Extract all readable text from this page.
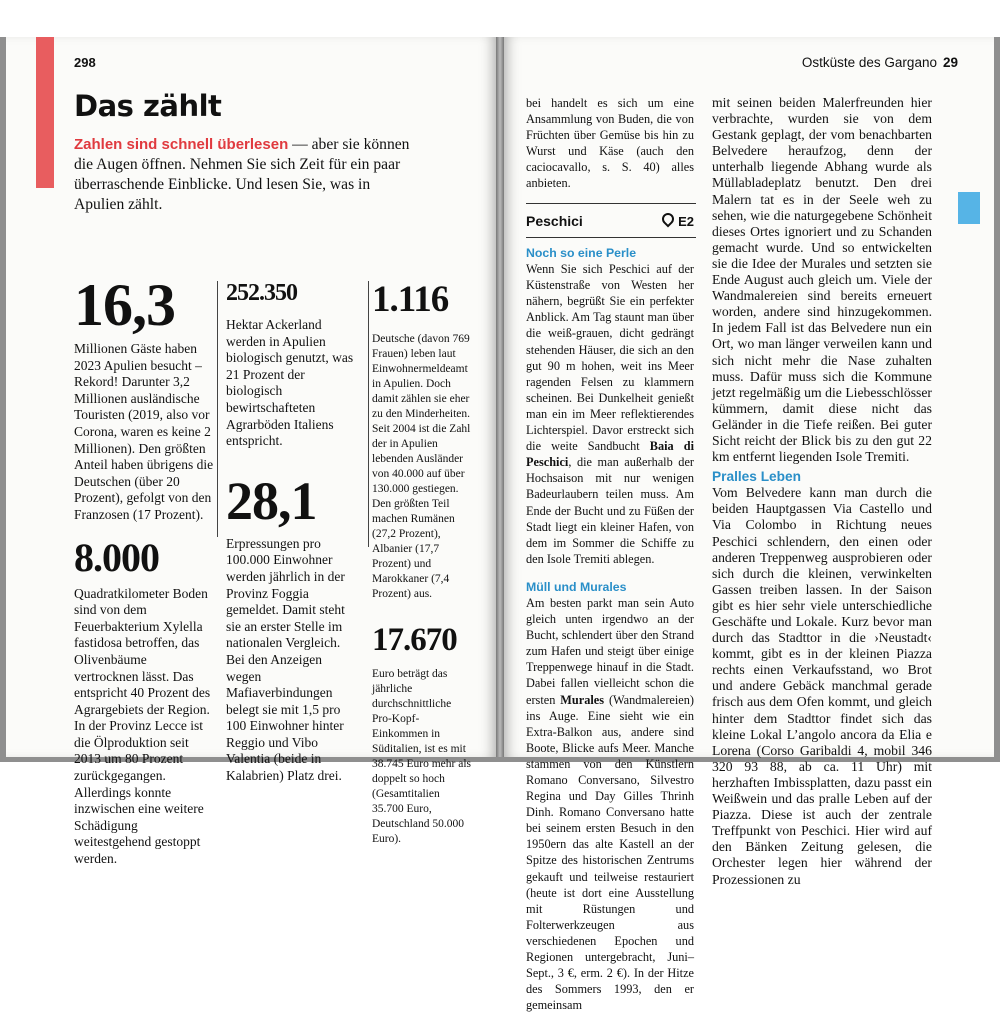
298
Das zählt
Zahlen sind schnell überlesen — aber sie können die Augen öffnen. Nehmen Sie sich Zeit für ein paar überraschende Einblicke. Und lesen Sie, was in Apulien zählt.
16,3
Millionen Gäste haben 2023 Apulien besucht – Rekord! Darunter 3,2 Millionen ausländische Touristen (2019, also vor Corona, waren es keine 2 Millionen). Den größten Anteil haben übrigens die Deutschen (über 20 Prozent), gefolgt von den Franzosen (17 Prozent).
8.000
Quadratkilometer Boden sind von dem Feuerbakterium Xylella fastidosa betroffen, das Olivenbäume vertrocknen lässt. Das entspricht 40 Prozent des Agrargebiets der Region. In der Provinz Lecce ist die Ölproduktion seit 2013 um 80 Prozent zurückgegangen. Allerdings konnte inzwischen eine weitere Schädigung weitestgehend gestoppt werden.
252.350
Hektar Ackerland werden in Apulien biologisch genutzt, was 21 Prozent der biologisch bewirtschafteten Agrarböden Italiens entspricht.
28,1
Erpressungen pro 100.000 Einwohner werden jährlich in der Provinz Foggia gemeldet. Damit steht sie an erster Stelle im nationalen Vergleich. Bei den Anzeigen wegen Mafiaverbindungen belegt sie mit 1,5 pro 100 Einwohner hinter Reggio und Vibo Valentia (beide in Kalabrien) Platz drei.
1.116
Deutsche (davon 769 Frauen) leben laut Einwohnermeldeamt in Apulien. Doch damit zählen sie eher zu den Minderheiten. Seit 2004 ist die Zahl der in Apulien lebenden Ausländer von 40.000 auf über 130.000 gestiegen. Den größten Teil machen Rumänen (27,2 Prozent), Albanier (17,7 Prozent) und Marokkaner (7,4 Prozent) aus.
17.670
Euro beträgt das jährliche durchschnittliche Pro-Kopf-Einkommen in Süditalien, ist es mit 38.745 Euro mehr als doppelt so hoch (Gesamtitalien 35.700 Euro, Deutschland 50.000 Euro).
Ostküste des Gargano 29
bei handelt es sich um eine Ansammlung von Buden, die von Früchten über Gemüse bis hin zu Wurst und Käse (auch den caciocavallo, s. S. 40) alles anbieten.
Peschici	E2
Noch so eine Perle
Wenn Sie sich Peschici auf der Küstenstraße von Westen her nähern, begrüßt Sie ein perfekter Anblick. Am Tag staunt man über die weiß-grauen, dicht gedrängt stehenden Häuser, die sich an den gut 90 m hohen, weit ins Meer ragenden Felsen zu klammern scheinen. Bei Dunkelheit genießt man ein im Meer reflektierendes Lichterspiel. Davor erstreckt sich die weite Sandbucht Baia di Peschici, die man außerhalb der Hochsaison mit nur wenigen Badeurlaubern teilen muss. Am Ende der Bucht und zu Füßen der Stadt liegt ein kleiner Hafen, von dem im Sommer die Schiffe zu den Isole Tremiti ablegen.
Müll und Murales
Am besten parkt man sein Auto gleich unten irgendwo an der Bucht, schlendert über den Strand zum Hafen und steigt über einige Treppenwege hinauf in die Stadt. Dabei fallen vielleicht schon die ersten Murales (Wandmalereien) ins Auge. Eine sieht wie ein Extra-Balkon aus, andere sind Boote, Blicke aufs Meer. Manche stammen von den Künstlern Romano Conversano, Silvestro Regina und Day Gilles Thrinh Dinh. Romano Conversano hatte bei seinem ersten Besuch in den 1950ern das alte Kastell an der Spitze des historischen Zentrums gekauft und teilweise restauriert (heute ist dort eine Ausstellung mit Rüstungen und Folterwerkzeugen aus verschiedenen Epochen und Regionen untergebracht, Juni–Sept., 3 €, erm. 2 €). In der Hitze des Sommers 1993, den er gemeinsam
mit seinen beiden Malerfreunden hier verbrachte, wurden sie von dem Gestank geplagt, der vom benachbarten Belvedere heraufzog, denn der unterhalb liegende Abhang wurde als Müllabladeplatz benutzt. Den drei Malern tat es in der Seele weh zu sehen, wie die naturgegebene Schönheit dieses Ortes ignoriert und zu Schanden gemacht wurde. Und so entwickelten sie die Idee der Murales und setzten sie Ende August auch gleich um. Viele der Wandmalereien sind bereits erneuert worden, andere sind hinzugekommen. In jedem Fall ist das Belvedere nun ein Ort, wo man länger verweilen kann und sich nicht mehr die Nase zuhalten muss. Dafür muss sich die Kommune jetzt regelmäßig um die Liebesschlösser kümmern, damit diese nicht das Geländer in die Tiefe reißen. Bei guter Sicht reicht der Blick bis zu den gut 22 km entfernt liegenden Isole Tremiti.
Pralles Leben
Vom Belvedere kann man durch die beiden Hauptgassen Via Castello und Via Colombo in Richtung neues Peschici schlendern, den einen oder anderen Treppenweg ausprobieren oder sich durch die kleinen, verwinkelten Gassen treiben lassen. In der Saison gibt es hier sehr viele unterschiedliche Geschäfte und Lokale. Kurz bevor man durch das Stadttor in die ›Neustadt‹ kommt, gibt es in der kleinen Piazza rechts einen Verkaufsstand, wo Brot und andere Gebäck manchmal gerade frisch aus dem Ofen kommt, und gleich hinter dem Stadttor findet sich das kleine Lokal L’angolo ancora da Elia e Lorena (Corso Garibaldi 4, mobil 346 320 93 88, ab ca. 11 Uhr) mit herzhaften Imbissplatten, dazu passt ein Weißwein und das pralle Leben auf der Piazza. Diese ist auch der zentrale Treffpunkt von Peschici. Hier wird auf den Bänken Zeitung gelesen, die Orchester legen hier während der Prozessionen zu
